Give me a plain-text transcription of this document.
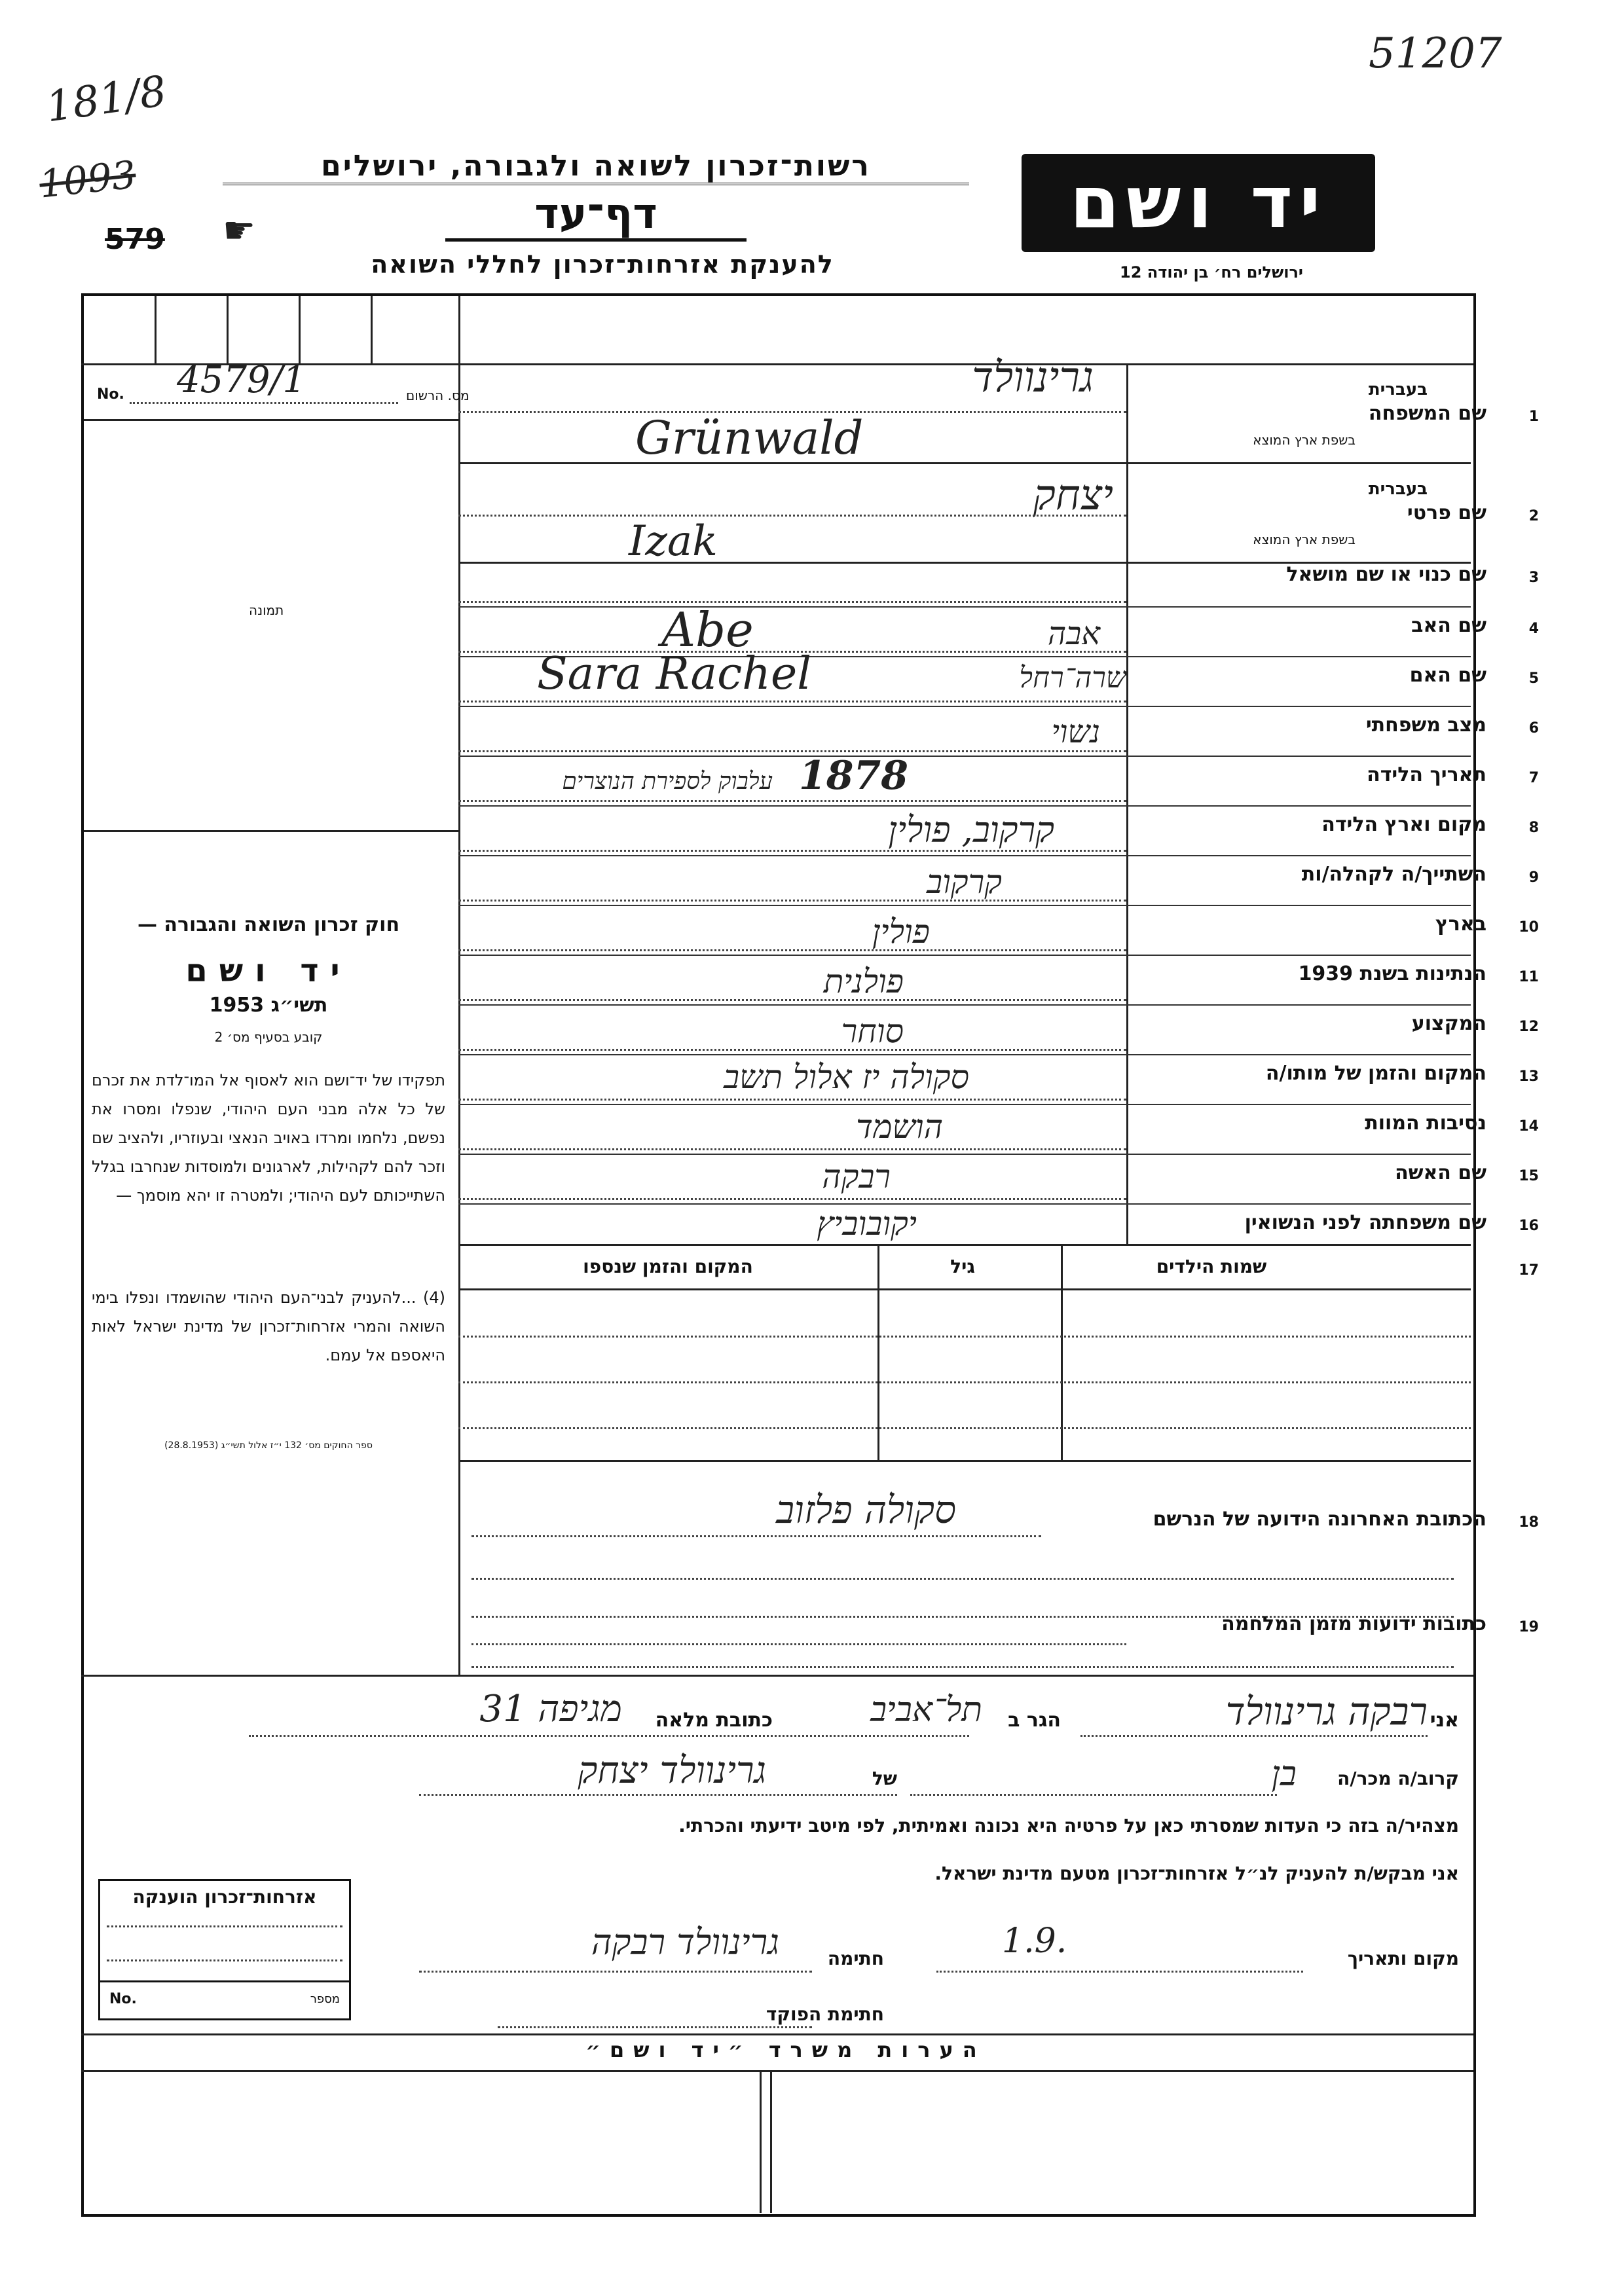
51207
181/8
1093
579 ☛
רשות־זכרון לשואה ולגבורה, ירושלים
דף־עד
להענקת אזרחות־זכרון לחללי השואה
יד ושם
ירושלים רח׳ בן יהודה 12
No.	מס. הרשום
4579/1
תמונה
חוק זכרון השואה והגבורה —
יד ושם
תשי״ג 1953
קובע בסעיף מס׳ 2
תפקידו של יד־ושם הוא לאסוף אל המו־לדת את זכרם של כל אלה מבני העם היהודי, שנפלו ומסרו את נפשם, נלחמו ומרדו באויב הנאצי ובעוזריו, ולהציב שם וזכר להם לקהילות, לארגונים ולמוסדות שנחרבו בגלל השתייכותם לעם היהודי; ולמטרה זו יהא מוסמך —
(4) ...להעניק לבני־העם היהודי שהושמדו ונפלו בימי השואה והמרי אזרחות־זכרון של מדינת ישראל לאות היאספם אל עמם.
ספר החוקים מס׳ 132 י״ז אלול תשי״ג (28.8.1953)
1
שם המשפחה
בעברית
בשפת ארץ המוצא
גרינוולד
Grünwald
2
שם פרטי
בעברית
בשפת ארץ המוצא
יצחק
Izak
3
שם כנוי או שם מושאל
4
שם האב
Abe	אבה
5
שם האם
Sara Rachel	שרה־רחל
6
מצב משפחתי
נשוי
7
תאריך הלידה
1878
עלבוק לספירת הנוצרים
8
מקום וארץ הלידה
קרקוב, פולין
9
השתייך/ה לקהלה/ות
קרקוב
10
בארץ
פולין
11
הנתינות בשנת 1939
פולנית
12
המקצוע
סוחר
13
המקום והזמן של מותו/ה
סקולה יז אלול תשב
14
נסיבות המוות
הושמד
15
שם האשה
רבקה
16
שם משפחתה לפני הנשואין
יקובוביץ
17
שמות הילדים
גיל
המקום והזמן שנספו
18
הכתובת האחרונה הידועה של הנרשם
סקולה פלזוב
19
כתובות ידועות מזמן המלחמה
אני
רבקה גרינוולד
הגר ב
תל־אביב
כתובת מלאה
מגיפה 31
קרוב/ה מכר/ה
בן
של
גרינוולד יצחק
מצהיר/ה בזה כי העדות שמסרתי כאן על פרטיה היא נכונה ואמיתית, לפי מיטב ידיעתי והכרתי.
אני מבקש/ת להעניק לנ״ל אזרחות־זכרון מטעם מדינת ישראל.
מקום ותאריך
1.9.
חתימה
גרינוולד רבקה
חתימת הפוקד
אזרחות־זכרון הוענקה
No.	מספר
הערות משרד ״יד ושם״
